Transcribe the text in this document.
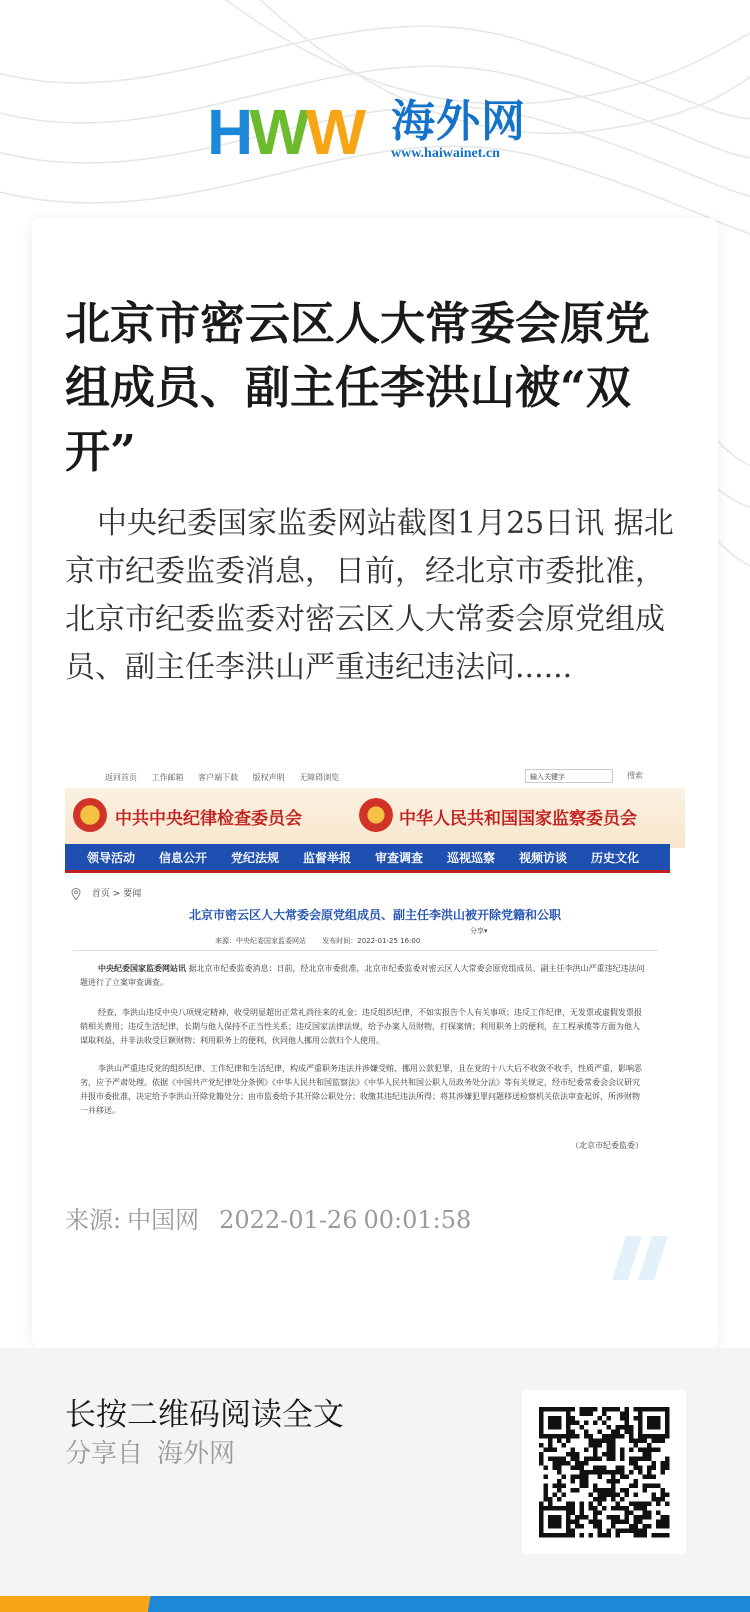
HWW 海外网
www.haiwainet.cn
北京市密云区人大常委会原党组成员、副主任李洪山被“双开”

中央纪委国家监委网站截图1月25日讯 据北京市纪委监委消息，日前，经北京市委批准，北京市纪委监委对密云区人大常委会原党组成员、副主任李洪山严重违纪违法问......

返回首页 工作邮箱 客户端下载 版权声明 无障碍浏览	输入关键字	搜索
中共中央纪律检查委员会	中华人民共和国国家监察委员会
领导活动 信息公开 党纪法规 监督举报 审查调查 巡视巡察 视频访谈 历史文化
首页 > 要闻
北京市密云区人大常委会原党组成员、副主任李洪山被开除党籍和公职
分享▾
来源：中央纪委国家监委网站 发布时间：2022-01-25 16:00

中央纪委国家监委网站讯 据北京市纪委监委消息：日前，经北京市委批准，北京市纪委监委对密云区人大常委会原党组成员、副主任李洪山严重违纪违法问题进行了立案审查调查。

经查，李洪山违反中央八项规定精神，收受明显超出正常礼尚往来的礼金；违反组织纪律，不如实报告个人有关事项；违反工作纪律，无发票或虚假发票报销相关费用；违反生活纪律，长期与他人保持不正当性关系；违反国家法律法规，给予办案人员财物，打探案情；利用职务上的便利，在工程承揽等方面为他人谋取利益，并非法收受巨额财物；利用职务上的便利，伙同他人挪用公款归个人使用。

李洪山严重违反党的组织纪律、工作纪律和生活纪律，构成严重职务违法并涉嫌受贿、挪用公款犯罪，且在党的十八大后不收敛不收手，性质严重，影响恶劣，应予严肃处理。依据《中国共产党纪律处分条例》《中华人民共和国监察法》《中华人民共和国公职人员政务处分法》等有关规定，经市纪委常委会会议研究并报市委批准，决定给予李洪山开除党籍处分；由市监委给予其开除公职处分；收缴其违纪违法所得；将其涉嫌犯罪问题移送检察机关依法审查起诉，所涉财物一并移送。

（北京市纪委监委）
来源: 中国网 2022-01-26 00:01:58
长按二维码阅读全文
分享自 海外网
